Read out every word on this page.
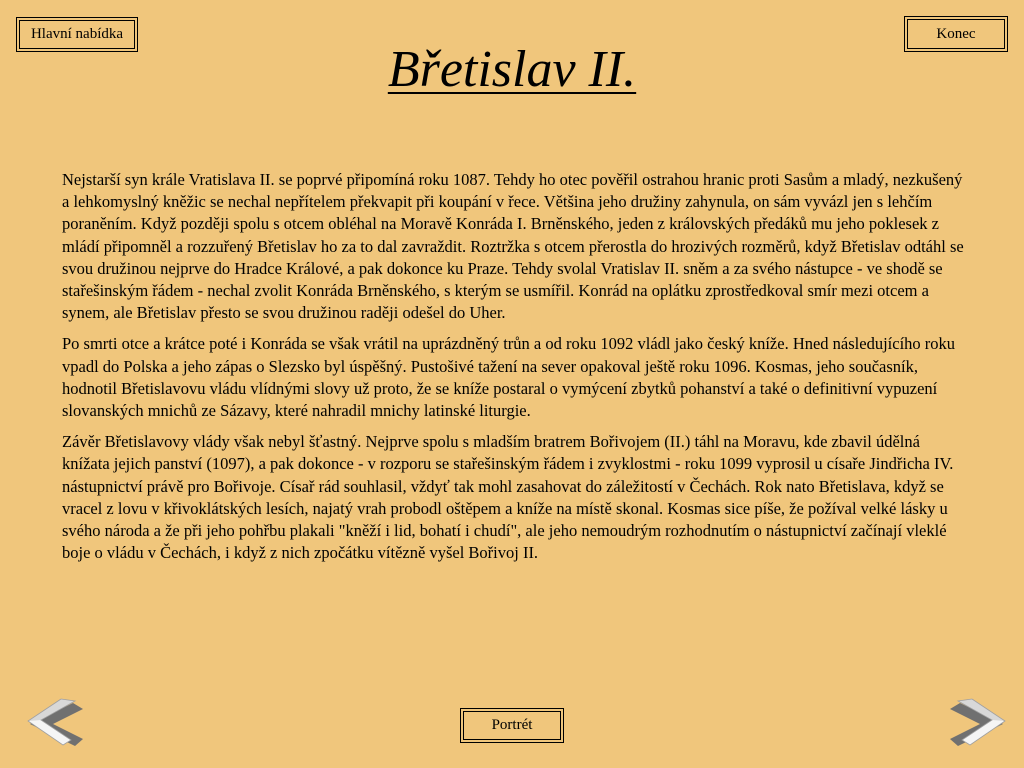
Hlavní nabídka	Konec
Břetislav II.

Nejstarší syn krále Vratislava II. se poprvé připomíná roku 1087. Tehdy ho otec pověřil ostrahou hranic proti Sasům a mladý, nezkušený a lehkomyslný kněžic se nechal nepřítelem překvapit při koupání v řece. Většina jeho družiny zahynula, on sám vyvázl jen s lehčím poraněním. Když později spolu s otcem obléhal na Moravě Konráda I. Brněnského, jeden z královských předáků mu jeho poklesek z mládí připomněl a rozzuřený Břetislav ho za to dal zavraždit. Roztržka s otcem přerostla do hrozivých rozměrů, když Břetislav odtáhl se svou družinou nejprve do Hradce Králové, a pak dokonce ku Praze. Tehdy svolal Vratislav II. sněm a za svého nástupce - ve shodě se stařešinským řádem - nechal zvolit Konráda Brněnského, s kterým se usmířil. Konrád na oplátku zprostředkoval smír mezi otcem a synem, ale Břetislav přesto se svou družinou raději odešel do Uher.

Po smrti otce a krátce poté i Konráda se však vrátil na uprázdněný trůn a od roku 1092 vládl jako český kníže. Hned následujícího roku vpadl do Polska a jeho zápas o Slezsko byl úspěšný. Pustošivé tažení na sever opakoval ještě roku 1096. Kosmas, jeho současník, hodnotil Břetislavovu vládu vlídnými slovy už proto, že se kníže postaral o vymýcení zbytků pohanství a také o definitivní vypuzení slovanských mnichů ze Sázavy, které nahradil mnichy latinské liturgie.

Závěr Břetislavovy vlády však nebyl šťastný. Nejprve spolu s mladším bratrem Bořivojem (II.) táhl na Moravu, kde zbavil údělná knížata jejich panství (1097), a pak dokonce - v rozporu se stařešinským řádem i zvyklostmi - roku 1099 vyprosil u císaře Jindřicha IV. nástupnictví právě pro Bořivoje. Císař rád souhlasil, vždyť tak mohl zasahovat do záležitostí v Čechách. Rok nato Břetislava, když se vracel z lovu v křivoklátských lesích, najatý vrah probodl oštěpem a kníže na místě skonal. Kosmas sice píše, že požíval velké lásky u svého národa a že při jeho pohřbu plakali "kněží i lid, bohatí i chudí", ale jeho nemoudrým rozhodnutím o nástupnictví začínají vleklé boje o vládu v Čechách, i když z nich zpočátku vítězně vyšel Bořivoj II.

Portrét
